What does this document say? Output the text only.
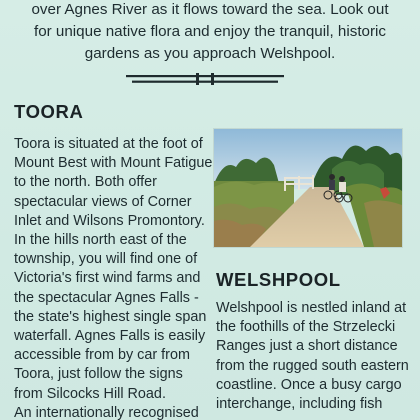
over Agnes River as it flows toward the sea. Look out
for unique native flora and enjoy the tranquil, historic
gardens as you approach Welshpool.
TOORA
Toora is situated at the foot of
Mount Best with Mount Fatigue
to the north. Both offer
spectacular views of Corner
Inlet and Wilsons Promontory.
In the hills north east of the
township, you will find one of
Victoria's first wind farms and
the spectacular Agnes Falls -
the state's highest single span
waterfall. Agnes Falls is easily
accessible from by car from
Toora, just follow the signs
from Silcocks Hill Road.
An internationally recognised
WELSHPOOL
Welshpool is nestled inland at
the foothills of the Strzelecki
Ranges just a short distance
from the rugged south eastern
coastline. Once a busy cargo
interchange, including fish
